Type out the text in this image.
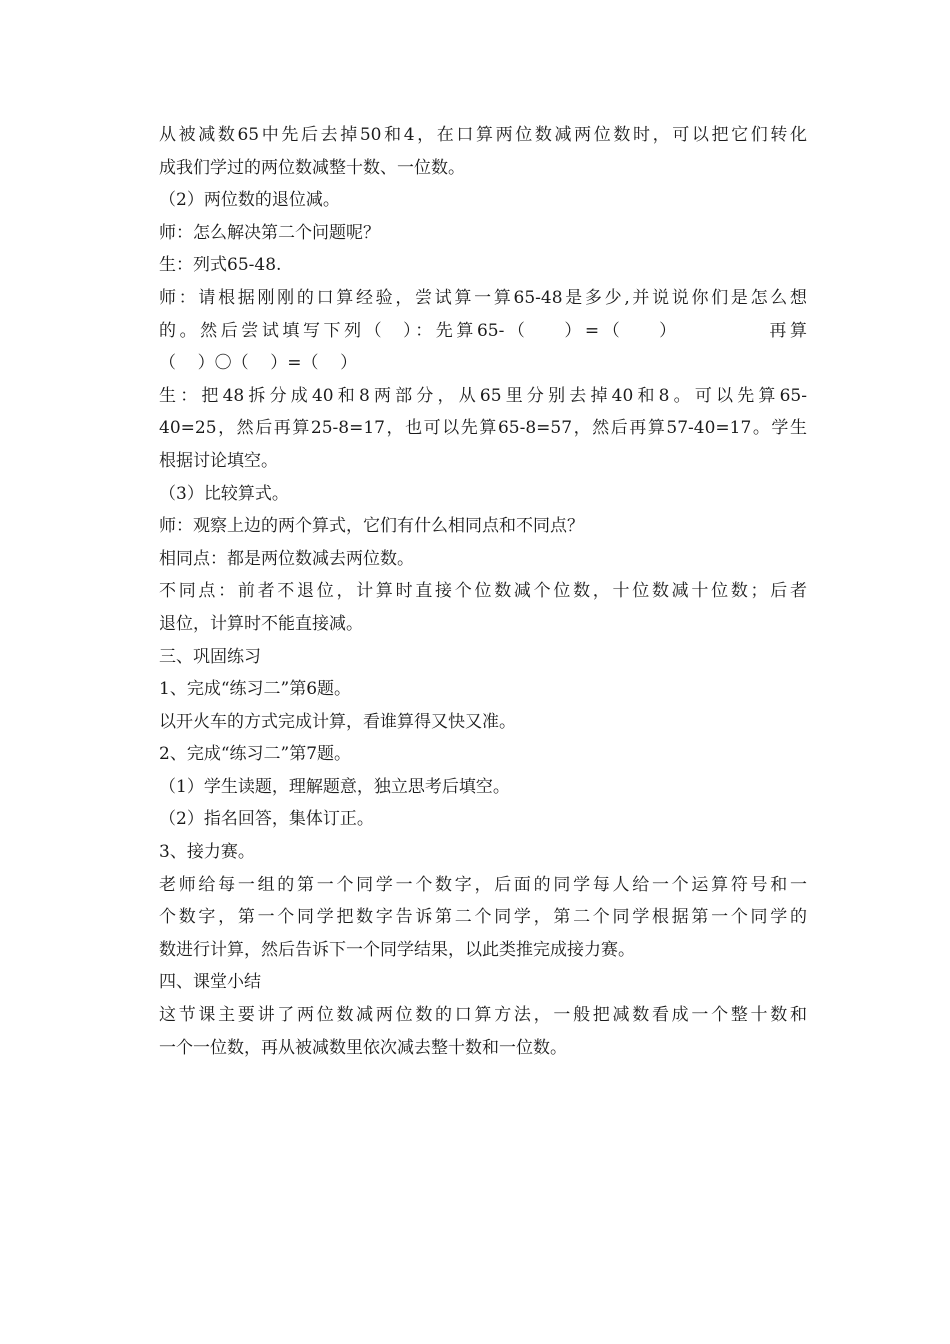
从被减数65中先后去掉50和4，在口算两位数减两位数时，可以把它们转化
成我们学过的两位数减整十数、一位数。
（2）两位数的退位减。
师：怎么解决第二个问题呢？
生：列式65-48.
师：请根据刚刚的口算经验，尝试算一算65-48是多少,并说说你们是怎么想
的。然后尝试填写下列（  ）：先算65-（    ）=（    ）          再算
（    ）〇（    ）=（    ）
生：把48拆分成40和8两部分，从65里分别去掉40和8。可以先算65-
40=25，然后再算25-8=17，也可以先算65-8=57，然后再算57-40=17。学生
根据讨论填空。
（3）比较算式。
师：观察上边的两个算式，它们有什么相同点和不同点？
相同点：都是两位数减去两位数。
不同点：前者不退位，计算时直接个位数减个位数，十位数减十位数；后者
退位，计算时不能直接减。
三、巩固练习
1、完成“练习二”第6题。
以开火车的方式完成计算，看谁算得又快又准。
2、完成“练习二”第7题。
（1）学生读题，理解题意，独立思考后填空。
（2）指名回答，集体订正。
3、接力赛。
老师给每一组的第一个同学一个数字，后面的同学每人给一个运算符号和一
个数字，第一个同学把数字告诉第二个同学，第二个同学根据第一个同学的
数进行计算，然后告诉下一个同学结果，以此类推完成接力赛。
四、课堂小结
这节课主要讲了两位数减两位数的口算方法，一般把减数看成一个整十数和
一个一位数，再从被减数里依次减去整十数和一位数。
